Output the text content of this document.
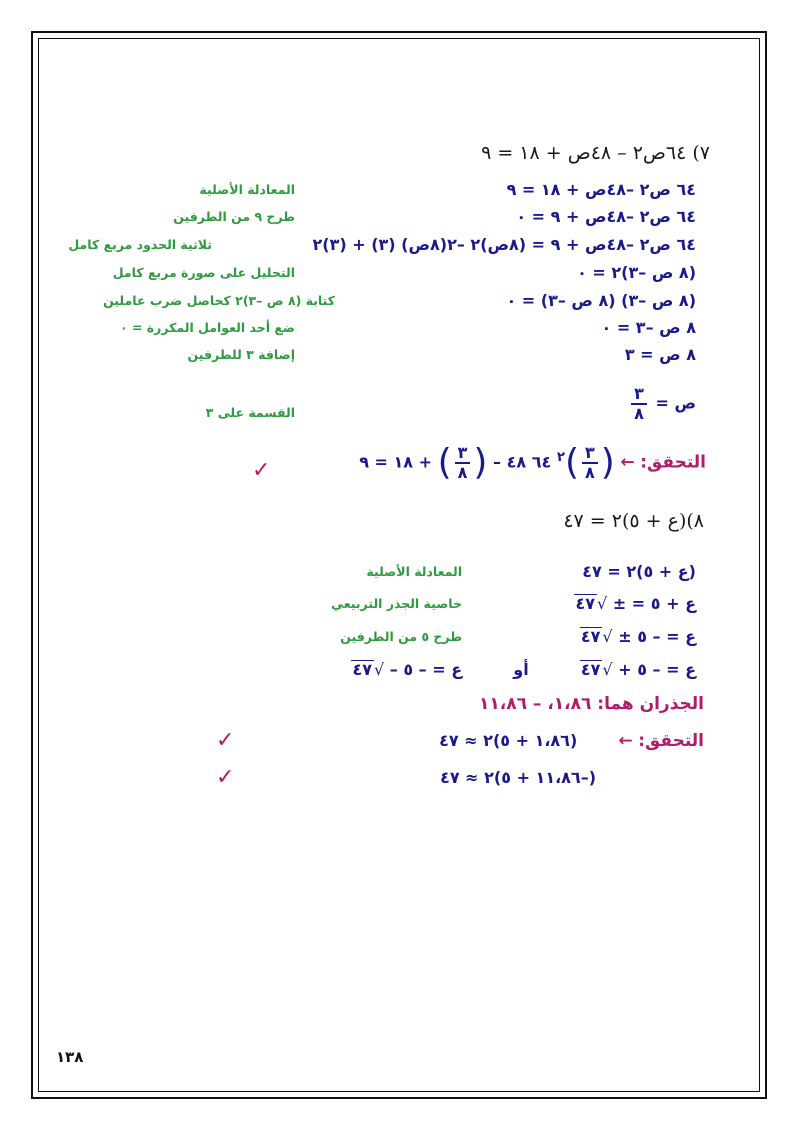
٧) ٦٤ص٢ – ٤٨ص + ١٨ = ٩
٦٤ ص٢ –٤٨ص + ١٨ = ٩
المعادلة الأصلية
٦٤ ص٢ –٤٨ص + ٩ = ٠
طرح ٩ من الطرفين
٦٤ ص٢ –٤٨ص + ٩ = (٨ص)٢ –٢(٨ص) (٣) + (٣)٢
ثلاثية الحدود مربع كامل
(٨ ص –٣)٢ = ٠
التحليل على صورة مربع كامل
(٨ ص –٣) (٨ ص –٣) = ٠
كتابة (٨ ص –٣)٢ كحاصل ضرب عاملين
٨ ص –٣ = ٠
ضع أحد العوامل المكررة = ٠
٨ ص = ٣
إضافة ٣ للطرفين
ص =
$\frac{٣}{٨}$
القسمة على ٣
التحقق: ← (
$\frac{٣}{٨}$
)$^٢$ ٦٤ ٤٨ – (
$\frac{٣}{٨}$
) + ١٨ = ٩
✓
٨)(ع + ٥)٢ = ٤٧
(ع + ٥)٢ = ٤٧
المعادلة الأصلية
ع + ٥ = ± √٤٧
خاصية الجذر التربيعي
ع = – ٥ ± √٤٧
طرح ٥ من الطرفين
ع = – ٥ + √٤٧  أو  ع = – ٥ – √٤٧
الجذران هما: ١،٨٦، – ١١،٨٦
التحقق: ←  (١،٨٦ + ٥)٢ ≈ ٤٧
✓
(–١١،٨٦ + ٥)٢ ≈ ٤٧
✓
١٣٨
